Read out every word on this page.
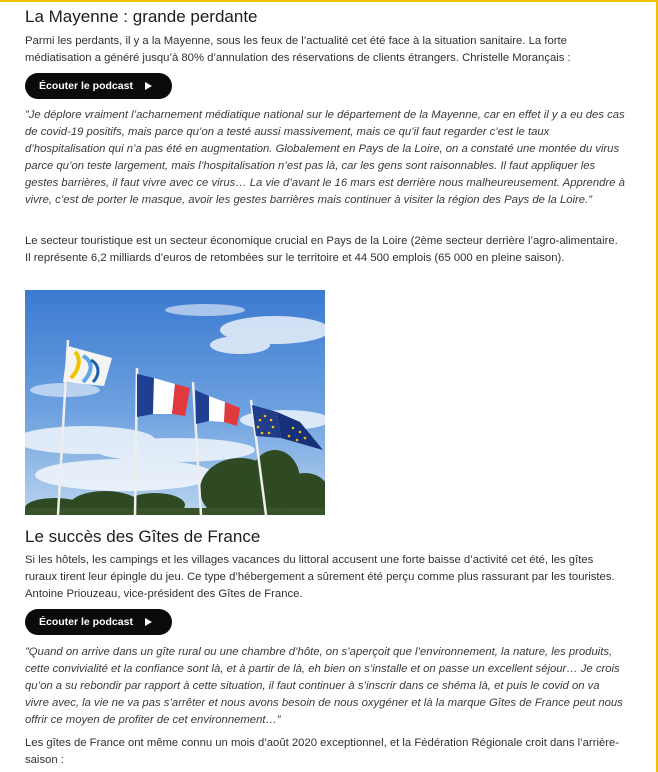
La Mayenne : grande perdante

Parmi les perdants, il y a la Mayenne, sous les feux de l’actualité cet été face à la situation sanitaire. La forte médiatisation a généré jusqu’à 80% d’annulation des réservations de clients étrangers. Christelle Morançais :

Écouter le podcast

”Je déplore vraiment l’acharnement médiatique national sur le département de la Mayenne, car en effet il y a eu des cas de covid-19 positifs, mais parce qu’on a testé aussi massivement, mais ce qu’il faut regarder c’est le taux d’hospitalisation qui n’a pas été en augmentation. Globalement en Pays de la Loire, on a constaté une montée du virus parce qu’on teste largement, mais l’hospitalisation n’est pas là, car les gens sont raisonnables. Il faut appliquer les gestes barrières, il faut vivre avec ce virus… La vie d’avant le 16 mars est derrière nous malheureusement. Apprendre à vivre, c’est de porter le masque, avoir les gestes barrières mais continuer à visiter la région des Pays de la Loire.”

Le secteur touristique est un secteur économique crucial en Pays de la Loire (2ème secteur derrière l’agro-alimentaire. Il représente 6,2 milliards d’euros de retombées sur le territoire et 44 500 emplois (65 000 en pleine saison).

Le succès des Gîtes de France

Si les hôtels, les campings et les villages vacances du littoral accusent une forte baisse d’activité cet été, les gîtes ruraux tirent leur épingle du jeu. Ce type d’hébergement a sûrement été perçu comme plus rassurant par les touristes. Antoine Priouzeau, vice-président des Gîtes de France.

Écouter le podcast

”Quand on arrive dans un gîte rural ou une chambre d’hôte, on s’aperçoit que l’environnement, la nature, les produits, cette convivialité et la confiance sont là, et à partir de là, eh bien on s’installe et on passe un excellent séjour… Je crois qu’on a su rebondir par rapport à cette situation, il faut continuer à s’inscrir dans ce shéma là, et puis le covid on va vivre avec, la vie ne va pas s’arrêter et nous avons besoin de nous oxygéner et là la marque Gîtes de France peut nous offrir ce moyen de profiter de cet environnement…”

Les gîtes de France ont même connu un mois d’août 2020 exceptionnel, et la Fédération Régionale croit dans l’arrière-saison :
